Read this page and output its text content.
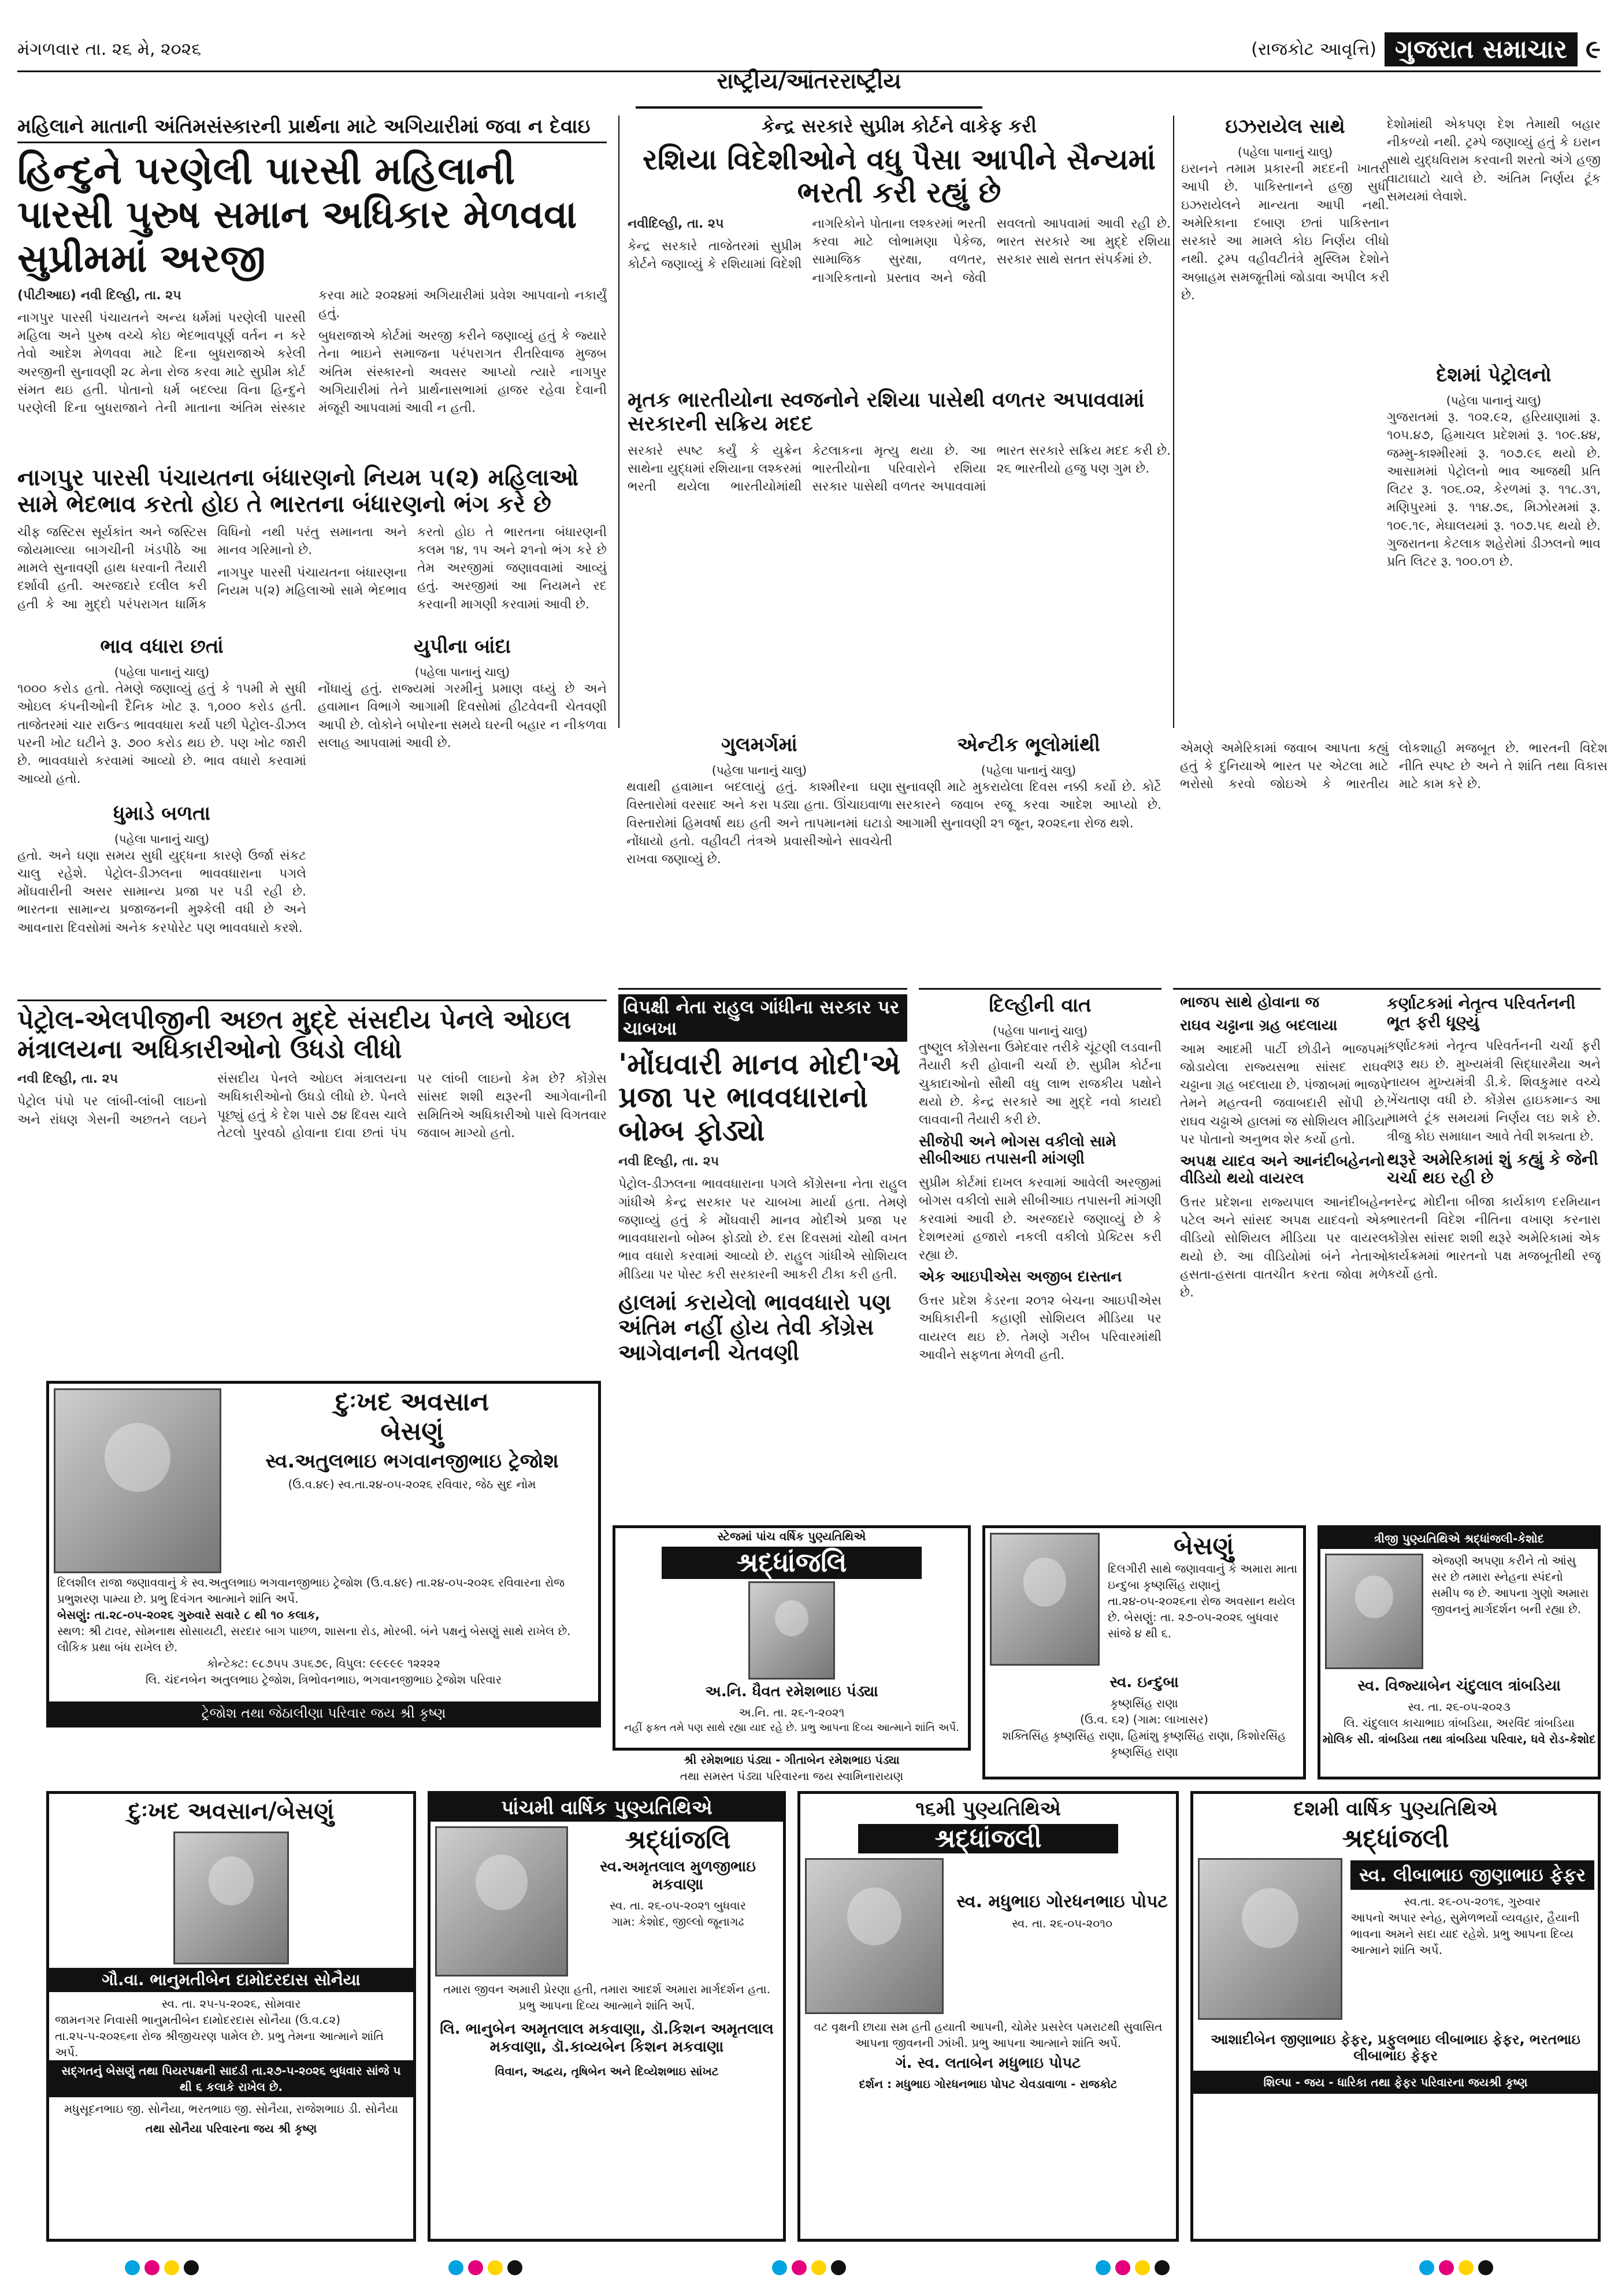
મંગળવાર તા. ૨૬ મે, ૨૦૨૬	(રાજકોટ આવૃત્તિ) ગુજરાત સમાચાર ૯
રાષ્ટ્રીય/આંતરરાષ્ટ્રીય
મહિલાને માતાની અંતિમસંસ્કારની પ્રાર્થના માટે અગિયારીમાં જવા ન દેવાઇ
હિન્દુને પરણેલી પારસી મહિલાની પારસી પુરુષ સમાન અધિકાર મેળવવા સુપ્રીમમાં અરજી

(પીટીઆઇ) નવી દિલ્હી, તા. ૨૫

નાગપુર પારસી પંચાયતને અન્ય ધર્મમાં પરણેલી પારસી મહિલા અને પુરુષ વચ્ચે કોઇ ભેદભાવપૂર્ણ વર્તન ન કરે તેવો આદેશ મેળવવા માટે દિના બુધરાજાએ કરેલી અરજીની સુનાવણી ૨૮ મેના રોજ કરવા માટે સુપ્રીમ કોર્ટ સંમત થઇ હતી. પોતાનો ધર્મ બદલ્યા વિના હિન્દુને પરણેલી દિના બુધરાજાને તેની માતાના અંતિમ સંસ્કાર કરવા માટે ૨૦૨૪માં અગિયારીમાં પ્રવેશ આપવાનો નકાર્યું હતું.

બુધરાજાએ કોર્ટમાં અરજી કરીને જણાવ્યું હતું કે જ્યારે તેના ભાઇને સમાજના પરંપરાગત રીતરિવાજ મુજબ અંતિમ સંસ્કારનો અવસર આપ્યો ત્યારે નાગપુર અગિયારીમાં તેને પ્રાર્થનાસભામાં હાજર રહેવા દેવાની મંજૂરી આપવામાં આવી ન હતી.

નાગપુર પારસી પંચાયતના બંધારણનો નિયમ ૫(૨) મહિલાઓ સામે ભેદભાવ કરતો હોઇ તે ભારતના બંધારણનો ભંગ કરે છે

ચીફ જસ્ટિસ સૂર્યકાંત અને જસ્ટિસ જોયમાલ્યા બાગચીની ખંડપીઠે આ મામલે સુનાવણી હાથ ધરવાની તૈયારી દર્શાવી હતી. અરજદારે દલીલ કરી હતી કે આ મુદ્દો પરંપરાગત ધાર્મિક વિધિનો નથી પરંતુ સમાનતા અને માનવ ગરિમાનો છે.

નાગપુર પારસી પંચાયતના બંધારણના નિયમ ૫(૨) મહિલાઓ સામે ભેદભાવ કરતો હોઇ તે ભારતના બંધારણની કલમ ૧૪, ૧૫ અને ૨૧નો ભંગ કરે છે તેમ અરજીમાં જણાવવામાં આવ્યું હતું. અરજીમાં આ નિયમને રદ કરવાની માગણી કરવામાં આવી છે.

ભાવ વધારા છતાં
(પહેલા પાનાનું ચાલુ)
૧૦૦૦ કરોડ હતો. તેમણે જણાવ્યું હતું કે ૧૫મી મે સુધી ઓઇલ કંપનીઓની દૈનિક ખોટ રૂ. ૧,૦૦૦ કરોડ હતી. તાજેતરમાં ચાર રાઉન્ડ ભાવવધારા કર્યા પછી પેટ્રોલ-ડીઝલ પરની ખોટ ઘટીને રૂ. ૭૦૦ કરોડ થઇ છે. પણ ખોટ જારી છે. ભાવવધારો કરવામાં આવ્યો છે. ભાવ વધારો કરવામાં આવ્યો હતો.
ધુમાડે બળતા
(પહેલા પાનાનું ચાલુ)
હતો. અને ઘણા સમય સુધી યુદ્ધના કારણે ઉર્જા સંકટ ચાલુ રહેશે. પેટ્રોલ-ડીઝલના ભાવવધારાના પગલે મોંઘવારીની અસર સામાન્ય પ્રજા પર પડી રહી છે. ભારતના સામાન્ય પ્રજાજનની મુશ્કેલી વધી છે અને આવનારા દિવસોમાં અનેક કરપોરેટ પણ ભાવવધારો કરશે.
યુપીના બાંદા
(પહેલા પાનાનું ચાલુ)
નોંધાયું હતું. રાજ્યમાં ગરમીનું પ્રમાણ વધ્યું છે અને હવામાન વિભાગે આગામી દિવસોમાં હીટવેવની ચેતવણી આપી છે. લોકોને બપોરના સમયે ઘરની બહાર ન નીકળવા સલાહ આપવામાં આવી છે.
પેટ્રોલ-એલપીજીની અછત મુદ્દે સંસદીય પેનલે ઓઇલ મંત્રાલયના અધિકારીઓનો ઉધડો લીધો

નવી દિલ્હી, તા. ૨૫

પેટ્રોલ પંપો પર લાંબી-લાંબી લાઇનો અને રાંધણ ગેસની અછતને લઇને સંસદીય પેનલે ઓઇલ મંત્રાલયના અધિકારીઓનો ઉધડો લીધો છે. પેનલે પૂછ્યું હતું કે દેશ પાસે ૭૪ દિવસ ચાલે તેટલો પુરવઠો હોવાના દાવા છતાં પંપ પર લાંબી લાઇનો કેમ છે? કોંગ્રેસ સાંસદ શશી થરૂરની આગેવાનીની સમિતિએ અધિકારીઓ પાસે વિગતવાર જવાબ માગ્યો હતો.

કેન્દ્ર સરકારે સુપ્રીમ કોર્ટને વાકેફ કરી
રશિયા વિદેશીઓને વધુ પૈસા આપીને સૈન્યમાં ભરતી કરી રહ્યું છે

નવીદિલ્હી, તા. ૨૫

કેન્દ્ર સરકારે તાજેતરમાં સુપ્રીમ કોર્ટને જણાવ્યું કે રશિયામાં વિદેશી નાગરિકોને પોતાના લશ્કરમાં ભરતી કરવા માટે લોભામણા પેકેજ, સામાજિક સુરક્ષા, વળતર, નાગરિકતાનો પ્રસ્તાવ અને જેવી સવલતો આપવામાં આવી રહી છે. ભારત સરકારે આ મુદ્દે રશિયા સરકાર સાથે સતત સંપર્કમાં છે.

મૃતક ભારતીયોના સ્વજનોને રશિયા પાસેથી વળતર અપાવવામાં સરકારની સક્રિય મદદ
સરકારે સ્પષ્ટ કર્યું કે યુક્રેન સાથેના યુદ્ધમાં રશિયાના લશ્કરમાં ભરતી થયેલા ભારતીયોમાંથી કેટલાકના મૃત્યુ થયા છે. આ ભારતીયોના પરિવારોને રશિયા સરકાર પાસેથી વળતર અપાવવામાં ભારત સરકારે સક્રિય મદદ કરી છે. ૨૬ ભારતીયો હજુ પણ ગુમ છે.
ગુલમર્ગમાં
(પહેલા પાનાનું ચાલુ)
થવાથી હવામાન બદલાયું હતું. કાશ્મીરના ઘણા વિસ્તારોમાં વરસાદ અને કરા પડ્યા હતા. ઊંચાઇવાળા વિસ્તારોમાં હિમવર્ષા થઇ હતી અને તાપમાનમાં ઘટાડો નોંધાયો હતો. વહીવટી તંત્રએ પ્રવાસીઓને સાવચેતી રાખવા જણાવ્યું છે.
એન્ટીક ભૂલોમાંથી
(પહેલા પાનાનું ચાલુ)
સુનાવણી માટે મુકરાયેલા દિવસ નક્કી કર્યો છે. કોર્ટે સરકારને જવાબ રજૂ કરવા આદેશ આપ્યો છે. આગામી સુનાવણી ૨૧ જૂન, ૨૦૨૬ના રોજ થશે.
ઇઝરાયેલ સાથે
(પહેલા પાનાનું ચાલુ)
ઇરાનને તમામ પ્રકારની મદદની ખાતરી આપી છે. પાકિસ્તાનને હજી સુધી ઇઝરાયેલને માન્યતા આપી નથી. અમેરિકાના દબાણ છતાં પાકિસ્તાન સરકારે આ મામલે કોઇ નિર્ણય લીધો નથી. ટ્રમ્પ વહીવટીતંત્રે મુસ્લિમ દેશોને અબ્રાહમ સમજૂતીમાં જોડાવા અપીલ કરી છે.
દેશોમાંથી એકપણ દેશ તેમાથી બહાર નીકળ્યો નથી. ટ્રમ્પે જણાવ્યું હતું કે ઇરાન સાથે યુદ્ધવિરામ કરવાની શરતો અંગે હજી વાટાઘાટો ચાલે છે. અંતિમ નિર્ણય ટૂંક સમયમાં લેવાશે.
દેશમાં પેટ્રોલનો
(પહેલા પાનાનું ચાલુ)
ગુજરાતમાં રૂ. ૧૦૨.૯૨, હરિયાણામાં રૂ. ૧૦૫.૪૭, હિમાચલ પ્રદેશમાં રૂ. ૧૦૯.૪૪, જમ્મુ-કાશ્મીરમાં રૂ. ૧૦૭.૯૬ થયો છે. આસામમાં પેટ્રોલનો ભાવ આજથી પ્રતિ લિટર રૂ. ૧૦૬.૦૨, કેરળમાં રૂ. ૧૧૮.૩૧, મણિપુરમાં રૂ. ૧૧૪.૭૬, મિઝોરમમાં રૂ. ૧૦૯.૧૯, મેઘાલયમાં રૂ. ૧૦૭.૫૬ થયો છે. ગુજરાતના કેટલાક શહેરોમાં ડીઝલનો ભાવ પ્રતિ લિટર રૂ. ૧૦૦.૦૧ છે.
એમણે અમેરિકામાં જવાબ આપતા કહ્યું હતું કે દુનિયાએ ભારત પર એટલા માટે ભરોસો કરવો જોઇએ કે ભારતીય લોકશાહી મજબૂત છે. ભારતની વિદેશ નીતિ સ્પષ્ટ છે અને તે શાંતિ તથા વિકાસ માટે કામ કરે છે.
વિપક્ષી નેતા રાહુલ ગાંધીના સરકાર પર ચાબખા
'મોંઘવારી માનવ મોદી'એ પ્રજા પર ભાવવધારાનો બોમ્બ ફોડ્યો

નવી દિલ્હી, તા. ૨૫

પેટ્રોલ-ડીઝલના ભાવવધારાના પગલે કોંગ્રેસના નેતા રાહુલ ગાંધીએ કેન્દ્ર સરકાર પર ચાબખા માર્યા હતા. તેમણે જણાવ્યું હતું કે મોંઘવારી માનવ મોદીએ પ્રજા પર ભાવવધારાનો બોમ્બ ફોડ્યો છે. દસ દિવસમાં ચોથી વખત ભાવ વધારો કરવામાં આવ્યો છે. રાહુલ ગાંધીએ સોશિયલ મીડિયા પર પોસ્ટ કરી સરકારની આકરી ટીકા કરી હતી.

હાલમાં કરાયેલો ભાવવધારો પણ અંતિમ નહીં હોય તેવી કોંગ્રેસ આગેવાનની ચેતવણી
દિલ્હીની વાત
(પહેલા પાનાનું ચાલુ)
તુષ્ણુલ કોંગ્રેસના ઉમેદવાર તરીકે ચૂંટણી લડવાની તૈયારી કરી હોવાની ચર્ચા છે. સુપ્રીમ કોર્ટના ચુકાદાઓનો સૌથી વધુ લાભ રાજકીય પક્ષોને થયો છે. કેન્દ્ર સરકારે આ મુદ્દે નવો કાયદો લાવવાની તૈયારી કરી છે.
સીજેપી અને ભોગસ વકીલો સામે સીબીઆઇ તપાસની માંગણી
સુપ્રીમ કોર્ટમાં દાખલ કરવામાં આવેલી અરજીમાં બોગસ વકીલો સામે સીબીઆઇ તપાસની માંગણી કરવામાં આવી છે. અરજદારે જણાવ્યું છે કે દેશભરમાં હજારો નકલી વકીલો પ્રેક્ટિસ કરી રહ્યા છે.
એક આઇપીએસ અજીબ દાસ્તાન
ઉત્તર પ્રદેશ કેડરના ૨૦૧૨ બેચના આઇપીએસ અધિકારીની કહાણી સોશિયલ મીડિયા પર વાયરલ થઇ છે. તેમણે ગરીબ પરિવારમાંથી આવીને સફળતા મેળવી હતી.
ભાજપ સાથે હોવાના જ
રાઘવ ચઢ્ઢાના ગ્રહ બદલાયા
આમ આદમી પાર્ટી છોડીને ભાજપમાં જોડાયેલા રાજ્યસભા સાંસદ રાઘવ ચઢ્ઢાના ગ્રહ બદલાયા છે. પંજાબમાં ભાજપે તેમને મહત્વની જવાબદારી સોંપી છે. રાઘવ ચઢ્ઢાએ હાલમાં જ સોશિયલ મીડિયા પર પોતાનો અનુભવ શેર કર્યો હતો.
અપક્ષ યાદવ અને આનંદીબહેનનો વીડિયો થયો વાયરલ
ઉત્તર પ્રદેશના રાજ્યપાલ આનંદીબહેન પટેલ અને સાંસદ અપક્ષ યાદવનો એક વીડિયો સોશિયલ મીડિયા પર વાયરલ થયો છે. આ વીડિયોમાં બંને નેતાઓ હસતા-હસતા વાતચીત કરતા જોવા મળે છે.
કર્ણાટકમાં નેતૃત્વ પરિવર્તનની ભૂત ફરી ધૂણ્યું
કર્ણાટકમાં નેતૃત્વ પરિવર્તનની ચર્ચા ફરી શરૂ થઇ છે. મુખ્યમંત્રી સિદ્ધારમૈયા અને નાયબ મુખ્યમંત્રી ડી.કે. શિવકુમાર વચ્ચે ખેંચતાણ વધી છે. કોંગ્રેસ હાઇકમાન્ડ આ મામલે ટૂંક સમયમાં નિર્ણય લઇ શકે છે. ત્રીજુ કોઇ સમાધાન આવે તેવી શક્યતા છે.
થરૂરે અમેરિકામાં શું કહ્યું કે જેની ચર્ચા થઇ રહી છે
નરેન્દ્ર મોદીના બીજા કાર્યકાળ દરમિયાન ભારતની વિદેશ નીતિના વખાણ કરનારા કોંગ્રેસ સાંસદ શશી થરૂરે અમેરિકામાં એક કાર્યક્રમમાં ભારતનો પક્ષ મજબૂતીથી રજૂ કર્યો હતો.
દુઃખદ અવસાન
બેસણું
સ્વ.અતુલભાઇ ભગવાનજીભાઇ ટ્રેજોશ
(ઉ.વ.૪૯) સ્વ.તા.૨૪-૦૫-૨૦૨૬ રવિવાર, જેઠ સુદ નોમ
દિલશીલ રાજા જણાવવાનું કે સ્વ.અતુલભાઇ ભગવાનજીભાઇ ટ્રેજોશ (ઉ.વ.૪૯) તા.૨૪-૦૫-૨૦૨૬ રવિવારના રોજ પ્રભુશરણ પામ્યા છે. પ્રભુ દિવંગત આત્માને શાંતિ અર્પે.
બેસણું: તા.૨૮-૦૫-૨૦૨૬ ગુરુવારે સવારે ૮ થી ૧૦ કલાક,
સ્થળ: શ્રી ટાવર, સોમનાથ સોસાયટી, સરદાર બાગ પાછળ, શાસના રોડ, મોરબી. બંને પક્ષનું બેસણું સાથે રાખેલ છે. લૌકિક પ્રથા બંધ રાખેલ છે.
કોન્ટેક્ટ: ૯૮૭૫૫ ૩૫૬૭૯, વિપુલ: ૯૯૯૯૯ ૧૨૨૨૨
લિ. ચંદનબેન અતુલભાઇ ટ્રેજોશ, ત્રિભોવનભાઇ, ભગવાનજીભાઇ ટ્રેજોશ પરિવાર
ટ્રેજોશ તથા જેઠાલીણા પરિવાર જય શ્રી કૃષ્ણ
સ્ટેજમાં પાંચ વર્ષિક પુણ્યતિથિએ
શ્રદ્ધાંજલિ
અ.નિ. ધૈવત રમેશભાઇ પંડ્યા
અ.નિ. તા. ૨૬-૧-૨૦૨૧
નહીં ફક્ત તમે પણ સાથે રહ્યા યાદ રહે છે. પ્રભુ આપના દિવ્ય આત્માને શાંતિ અર્પે.
શ્રી રમેશભાઇ પંડ્યા - ગીતાબેન રમેશભાઇ પંડ્યા
તથા સમસ્ત પંડ્યા પરિવારના જય સ્વામિનારાયણ
બેસણું
દિલગીરી સાથે જણાવવાનું કે અમારા માતા ઇન્દુબા કૃષ્ણસિંહ રાણાનું તા.૨૪-૦૫-૨૦૨૬ના રોજ અવસાન થયેલ છે. બેસણું: તા. ૨૭-૦૫-૨૦૨૬ બુધવાર સાંજે ૪ થી ૬.
સ્વ. ઇન્દુબા
કૃષ્ણસિંહ રાણા
(ઉ.વ. ૬૨) (ગામ: લાખાસર)
શક્તિસિંહ કૃષ્ણસિંહ રાણા, હિમાંશુ કૃષ્ણસિંહ રાણા, કિશોરસિંહ કૃષ્ણસિંહ રાણા
ત્રીજી પુણ્યતિથિએ શ્રદ્ધાંજલી-કેશોદ
એજણી અપણા કરીને તો આંસુ સર છે તમારા સ્નેહના સ્પંદનો સમીપ જ છે. આપના ગુણો અમારા જીવનનું માર્ગદર્શન બની રહ્યા છે.
સ્વ. વિજ્યાબેન ચંદુલાલ ત્રાંબડિયા
સ્વ. તા. ૨૬-૦૫-૨૦૨૩
લિ. ચંદુલાલ કાચાભાઇ ત્રાંબડિયા, અરવિંદ ત્રાંબડિયા
મોલિક સી. ત્રાંબડિયા તથા ત્રાંબડિયા પરિવાર, ધવે રોડ-કેશોદ
દુઃખદ અવસાન/બેસણું
ગૌ.વા. ભાનુમતીબેન દામોદરદાસ સોનૈયા
સ્વ. તા. ૨૫-૫-૨૦૨૬, સોમવાર
જામનગર નિવાસી ભાનુમતીબેન દામોદરદાસ સોનૈયા (ઉ.વ.૮૨) તા.૨૫-૫-૨૦૨૬ના રોજ શ્રીજીચરણ પામેલ છે. પ્રભુ તેમના આત્માને શાંતિ અર્પે.
સદ્ગતનું બેસણું તથા પિયરપક્ષની સાદડી તા.૨૭-૫-૨૦૨૬ બુધવાર સાંજે ૫ થી ૬ કલાકે રાખેલ છે.
મધુસૂદનભાઇ જી. સોનૈયા, ભરતભાઇ જી. સોનૈયા, રાજેશભાઇ ડી. સોનૈયા
તથા સોનૈયા પરિવારના જય શ્રી કૃષ્ણ
પાંચમી વાર્ષિક પુણ્યતિથિએ
શ્રદ્ધાંજલિ
સ્વ.અમૃતલાલ મુળજીભાઇ મકવાણા
સ્વ. તા. ૨૬-૦૫-૨૦૨૧ બુધવાર
ગામ: કેશોદ, જીલ્લો જૂનાગઢ
તમારા જીવન અમારી પ્રેરણા હતી, તમારા આદર્શ અમારા માર્ગદર્શન હતા. પ્રભુ આપના દિવ્ય આત્માને શાંતિ અર્પે.
લિ. ભાનુબેન અમૃતલાલ મકવાણા, ડૉ.કિશન અમૃતલાલ મકવાણા, ડૉ.કાવ્યબેન કિશન મકવાણા
વિવાન, અદ્વય, તૃષિબેન અને દિવ્યેશભાઇ સાંખટ
૧૬મી પુણ્યતિથિએ
શ્રદ્ધાંજલી
સ્વ. મધુભાઇ ગોરધનભાઇ પોપટ
સ્વ. તા. ૨૬-૦૫-૨૦૧૦
વટ વૃક્ષની છાયા સમ હતી હયાતી આપની, ચોમેર પ્રસરેલ પમરાટથી સુવાસિત આપના જીવનની ઝાંખી. પ્રભુ આપના આત્માને શાંતિ અર્પે.
ગં. સ્વ. લતાબેન મધુભાઇ પોપટ
દર્શન : મધુભાઇ ગોરધનભાઇ પોપટ ચેવડાવાળા - રાજકોટ
દશમી વાર્ષિક પુણ્યતિથિએ
શ્રદ્ધાંજલી
સ્વ. લીબાભાઇ જીણાભાઇ ફેફર
સ્વ.તા. ૨૬-૦૫-૨૦૧૬, ગુરુવાર
આપનો અપાર સ્નેહ, સુમેળભર્યો વ્યવહાર, હૈયાની ભાવના અમને સદા યાદ રહેશે. પ્રભુ આપના દિવ્ય આત્માને શાંતિ અર્પે.
આશાદીબેન જીણાભાઇ ફેફર, પ્રફુલભાઇ લીબાભાઇ ફેફર, ભરતભાઇ લીબાભાઇ ફેફર
શિલ્પા - જય - ધારિકા તથા ફેફર પરિવારના જયશ્રી કૃષ્ણ
